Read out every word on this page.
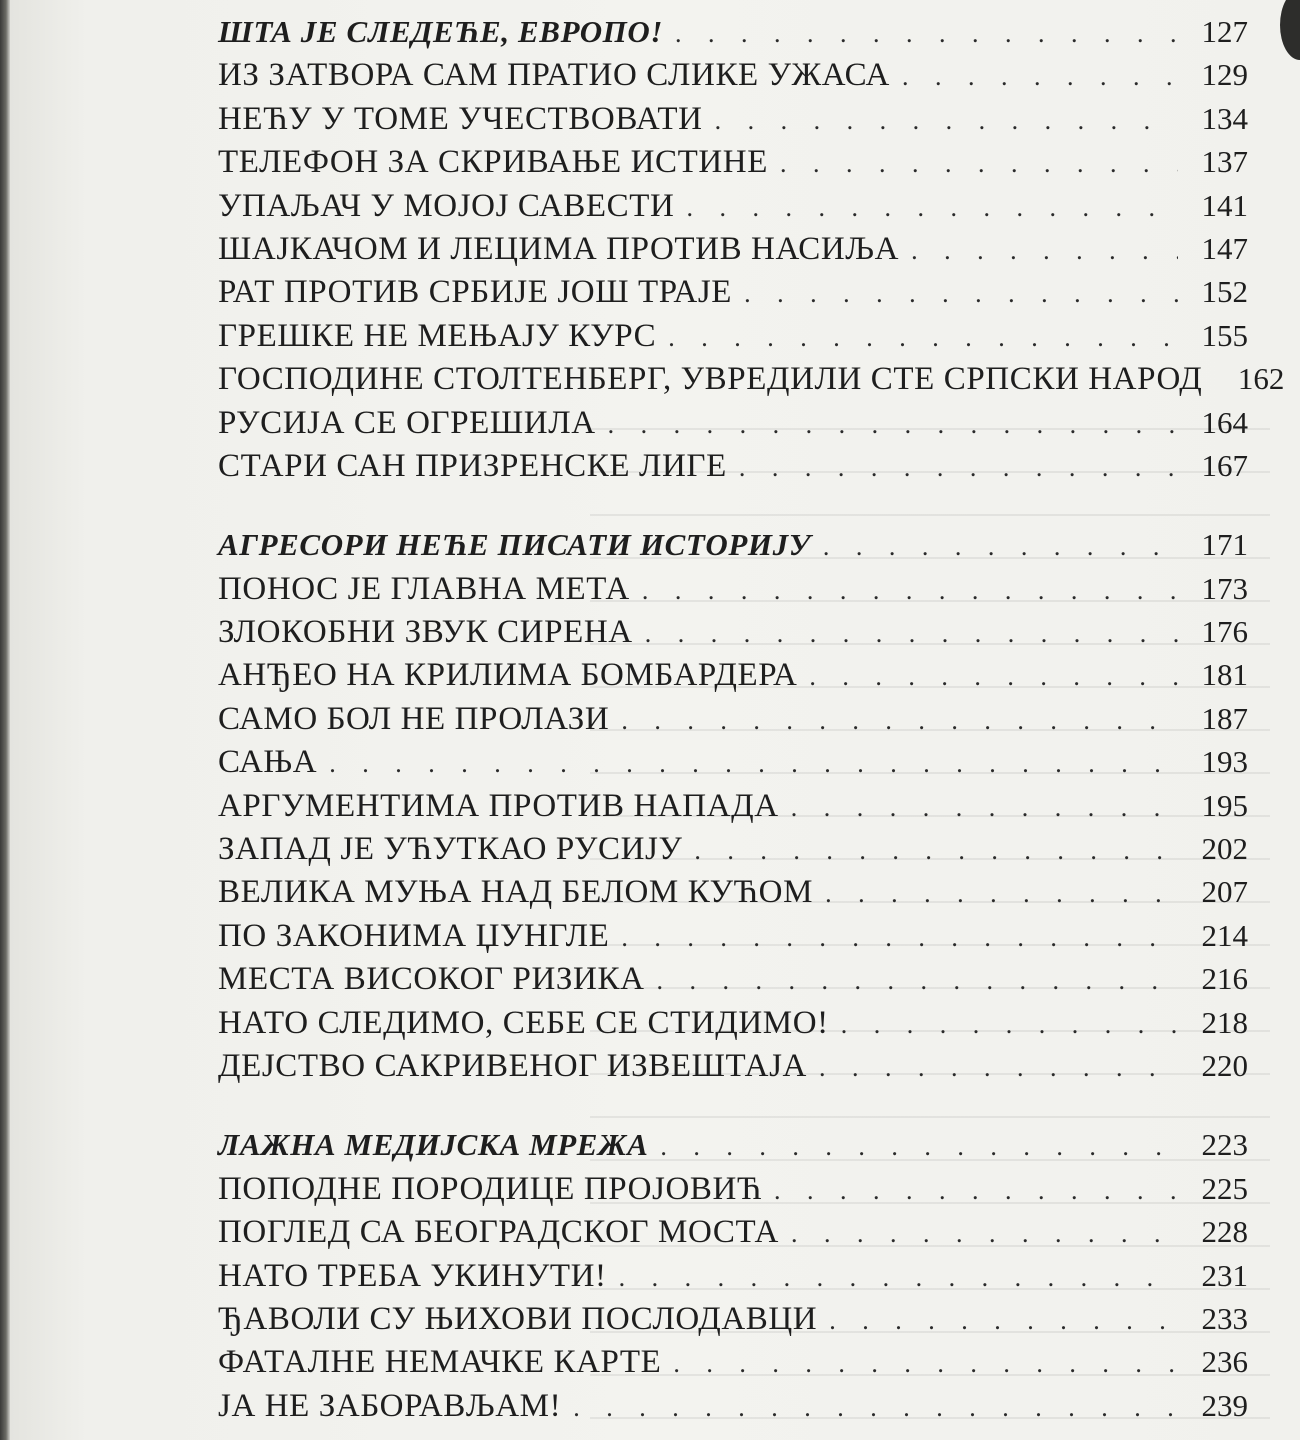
ШТА ЈЕ СЛЕДЕЋЕ, ЕВРОПО! . . .	127
ИЗ ЗАТВОРА САМ ПРАТИО СЛИКЕ УЖАСА . . .	129
НЕЋУ У ТОМЕ УЧЕСТВОВАТИ . . .	134
ТЕЛЕФОН ЗА СКРИВАЊЕ ИСТИНЕ . . .	137
УПАЉАЧ У МОЈОЈ САВЕСТИ . . .	141
ШАЈКАЧОМ И ЛЕЦИМА ПРОТИВ НАСИЉА . . .	147
РАТ ПРОТИВ СРБИЈЕ ЈОШ ТРАЈЕ . . .	152
ГРЕШКЕ НЕ МЕЊАЈУ КУРС . . .	155
ГОСПОДИНЕ СТОЛТЕНБЕРГ, УВРЕДИЛИ СТЕ СРПСКИ НАРОД	162
РУСИЈА СЕ ОГРЕШИЛА . . .	164
СТАРИ САН ПРИЗРЕНСКЕ ЛИГЕ . . .	167
АГРЕСОРИ НЕЋЕ ПИСАТИ ИСТОРИЈУ . . .	171
ПОНОС ЈЕ ГЛАВНА МЕТА . . .	173
ЗЛОКОБНИ ЗВУК СИРЕНА . . .	176
АНЂЕО НА КРИЛИМА БОМБАРДЕРА . . .	181
САМО БОЛ НЕ ПРОЛАЗИ . . .	187
САЊА . . .	193
АРГУМЕНТИМА ПРОТИВ НАПАДА . . .	195
ЗАПАД ЈЕ УЋУТКАО РУСИЈУ . . .	202
ВЕЛИКА МУЊА НАД БЕЛОМ КУЋОМ . . .	207
ПО ЗАКОНИМА ЏУНГЛЕ . . .	214
МЕСТА ВИСОКОГ РИЗИКА . . .	216
НАТО СЛЕДИМО, СЕБЕ СЕ СТИДИМО! . . .	218
ДЕЈСТВО САКРИВЕНОГ ИЗВЕШТАЈА . . .	220
ЛАЖНА МЕДИЈСКА МРЕЖА . . .	223
ПОПОДНЕ ПОРОДИЦЕ ПРОЈОВИЋ . . .	225
ПОГЛЕД СА БЕОГРАДСКОГ МОСТА . . .	228
НАТО ТРЕБА УКИНУТИ! . . .	231
ЂАВОЛИ СУ ЊИХОВИ ПОСЛОДАВЦИ . . .	233
ФАТАЛНЕ НЕМАЧКЕ КАРТЕ . . .	236
ЈА НЕ ЗАБОРАВЉАМ! . . .	239
